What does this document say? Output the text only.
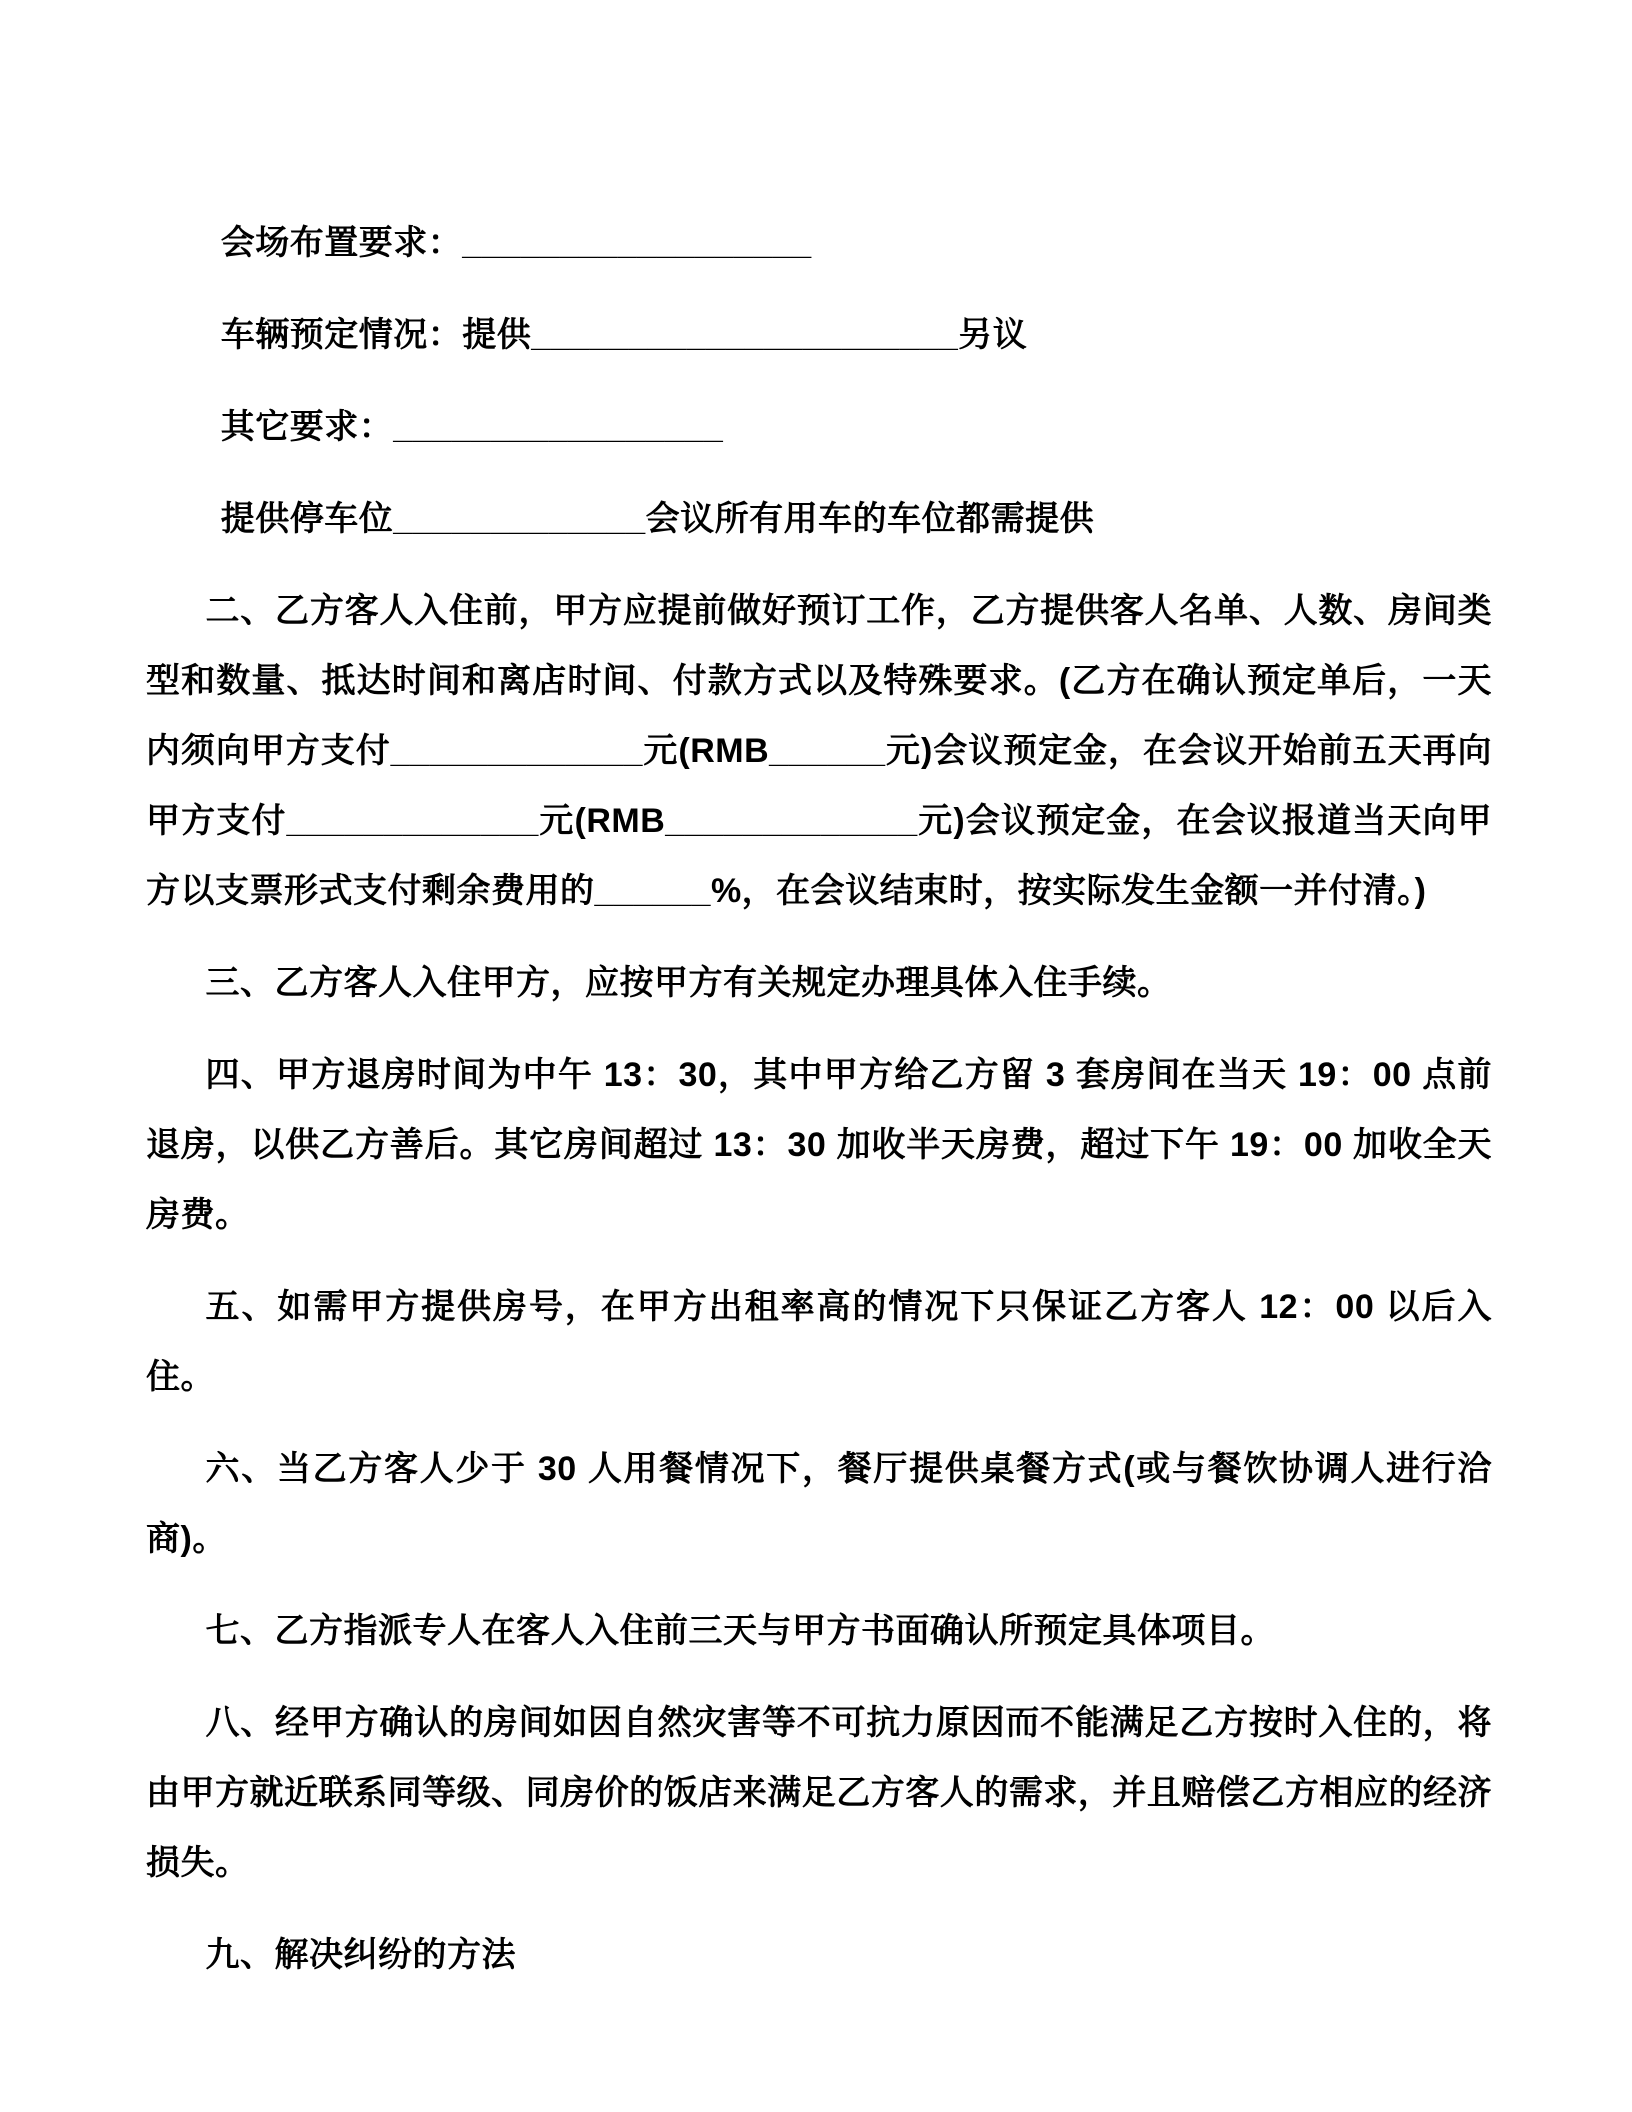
会场布置要求：__________________

车辆预定情况：提供______________________另议

其它要求：_________________

提供停车位_____________会议所有用车的车位都需提供

二、乙方客人入住前，甲方应提前做好预订工作，乙方提供客人名单、人数、房间类型和数量、抵达时间和离店时间、付款方式以及特殊要求。(乙方在确认预定单后，一天内须向甲方支付_____________元(RMB______元)会议预定金，在会议开始前五天再向甲方支付_____________元(RMB_____________元)会议预定金，在会议报道当天向甲方以支票形式支付剩余费用的______%，在会议结束时，按实际发生金额一并付清。)

三、乙方客人入住甲方，应按甲方有关规定办理具体入住手续。

四、甲方退房时间为中午 13：30，其中甲方给乙方留 3 套房间在当天 19：00 点前退房，以供乙方善后。其它房间超过 13：30 加收半天房费，超过下午 19：00 加收全天房费。

五、如需甲方提供房号，在甲方出租率高的情况下只保证乙方客人 12：00 以后入住。

六、当乙方客人少于 30 人用餐情况下，餐厅提供桌餐方式(或与餐饮协调人进行洽商)。

七、乙方指派专人在客人入住前三天与甲方书面确认所预定具体项目。

八、经甲方确认的房间如因自然灾害等不可抗力原因而不能满足乙方按时入住的，将由甲方就近联系同等级、同房价的饭店来满足乙方客人的需求，并且赔偿乙方相应的经济损失。

九、解决纠纷的方法
